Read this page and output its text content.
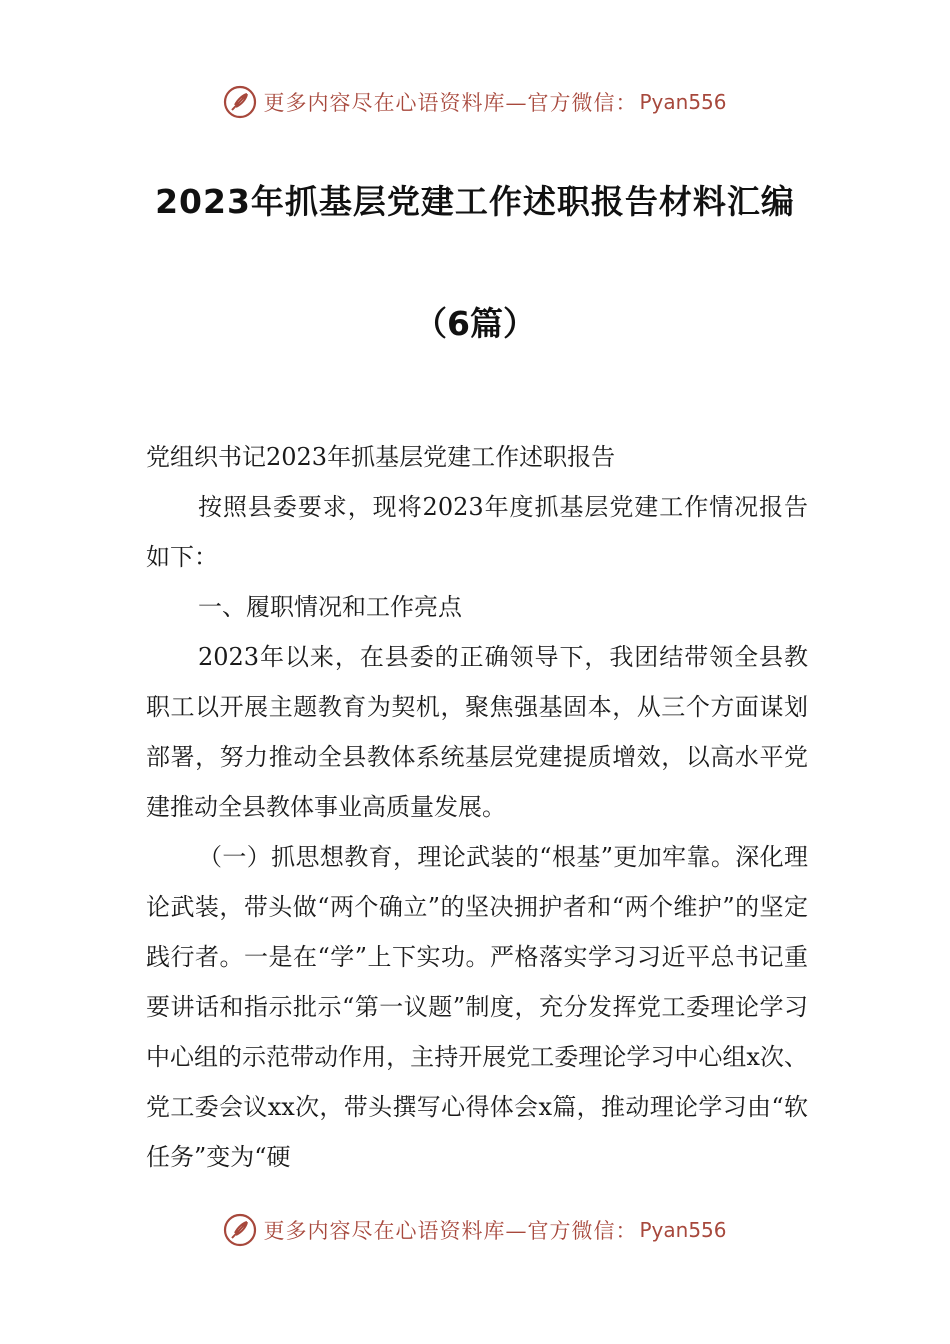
更多内容尽在心语资料库—官方微信： Pyan556
2023年抓基层党建工作述职报告材料汇编
（6篇）

党组织书记2023年抓基层党建工作述职报告

按照县委要求，现将2023年度抓基层党建工作情况报告如下：

一、履职情况和工作亮点

2023年以来，在县委的正确领导下，我团结带领全县教职工以开展主题教育为契机，聚焦强基固本，从三个方面谋划部署，努力推动全县教体系统基层党建提质增效，以高水平党建推动全县教体事业高质量发展。

（一）抓思想教育，理论武装的“根基”更加牢靠。深化理论武装，带头做“两个确立”的坚决拥护者和“两个维护”的坚定践行者。一是在“学”上下实功。严格落实学习习近平总书记重要讲话和指示批示“第一议题”制度，充分发挥党工委理论学习中心组的示范带动作用，主持开展党工委理论学习中心组x次、党工委会议xx次，带头撰写心得体会x篇，推动理论学习由“软任务”变为“硬

更多内容尽在心语资料库—官方微信： Pyan556
